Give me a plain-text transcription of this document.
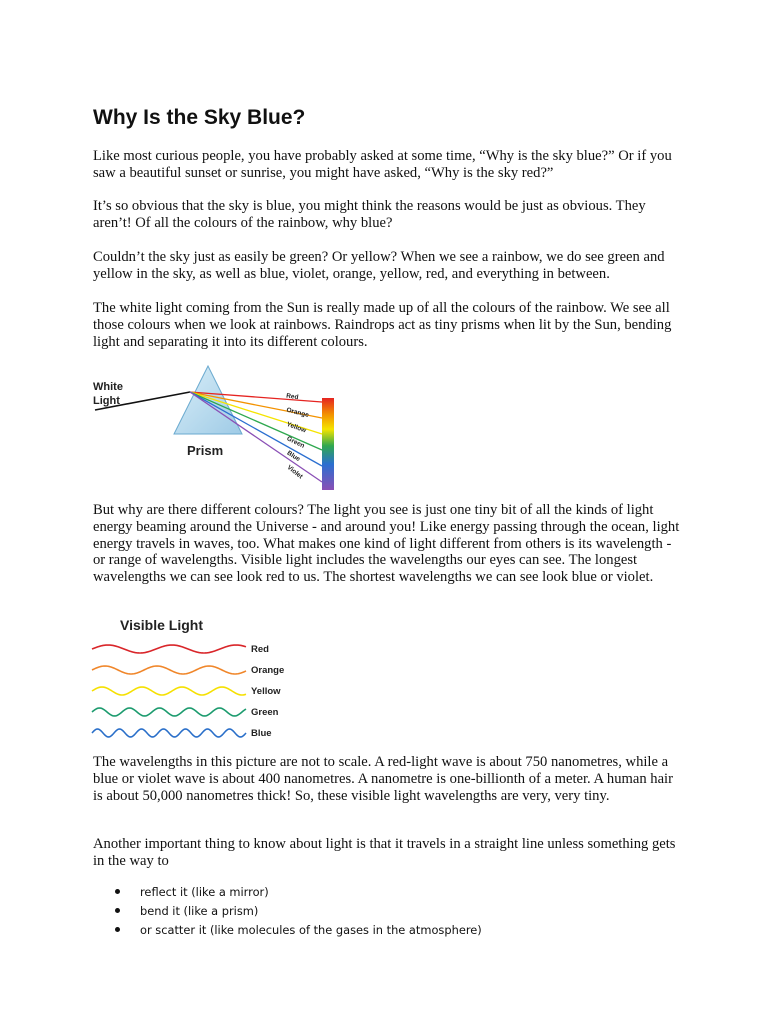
Why Is the Sky Blue?

Like most curious people, you have probably asked at some time, “Why is the sky blue?” Or if you saw a beautiful sunset or sunrise, you might have asked, “Why is the sky red?”

It’s so obvious that the sky is blue, you might think the reasons would be just as obvious. They aren’t! Of all the colours of the rainbow, why blue?

Couldn’t the sky just as easily be green? Or yellow? When we see a rainbow, we do see green and yellow in the sky, as well as blue, violet, orange, yellow, red, and everything in between.

The white light coming from the Sun is really made up of all the colours of the rainbow. We see all those colours when we look at rainbows. Raindrops act as tiny prisms when lit by the Sun, bending light and separating it into its different colours.

White
Light
Prism
Red
Orange
Yellow
Green
Blue
Violet

But why are there different colours? The light you see is just one tiny bit of all the kinds of light energy beaming around the Universe - and around you! Like energy passing through the ocean, light energy travels in waves, too. What makes one kind of light different from others is its wavelength - or range of wavelengths. Visible light includes the wavelengths our eyes can see. The longest wavelengths we can see look red to us. The shortest wavelengths we can see look blue or violet.

Visible Light
Red
Orange
Yellow
Green
Blue

The wavelengths in this picture are not to scale. A red-light wave is about 750 nanometres, while a blue or violet wave is about 400 nanometres. A nanometre is one-billionth of a meter. A human hair is about 50,000 nanometres thick! So, these visible light wavelengths are very, very tiny.

Another important thing to know about light is that it travels in a straight line unless something gets in the way to

reflect it (like a mirror)
bend it (like a prism)
or scatter it (like molecules of the gases in the atmosphere)
